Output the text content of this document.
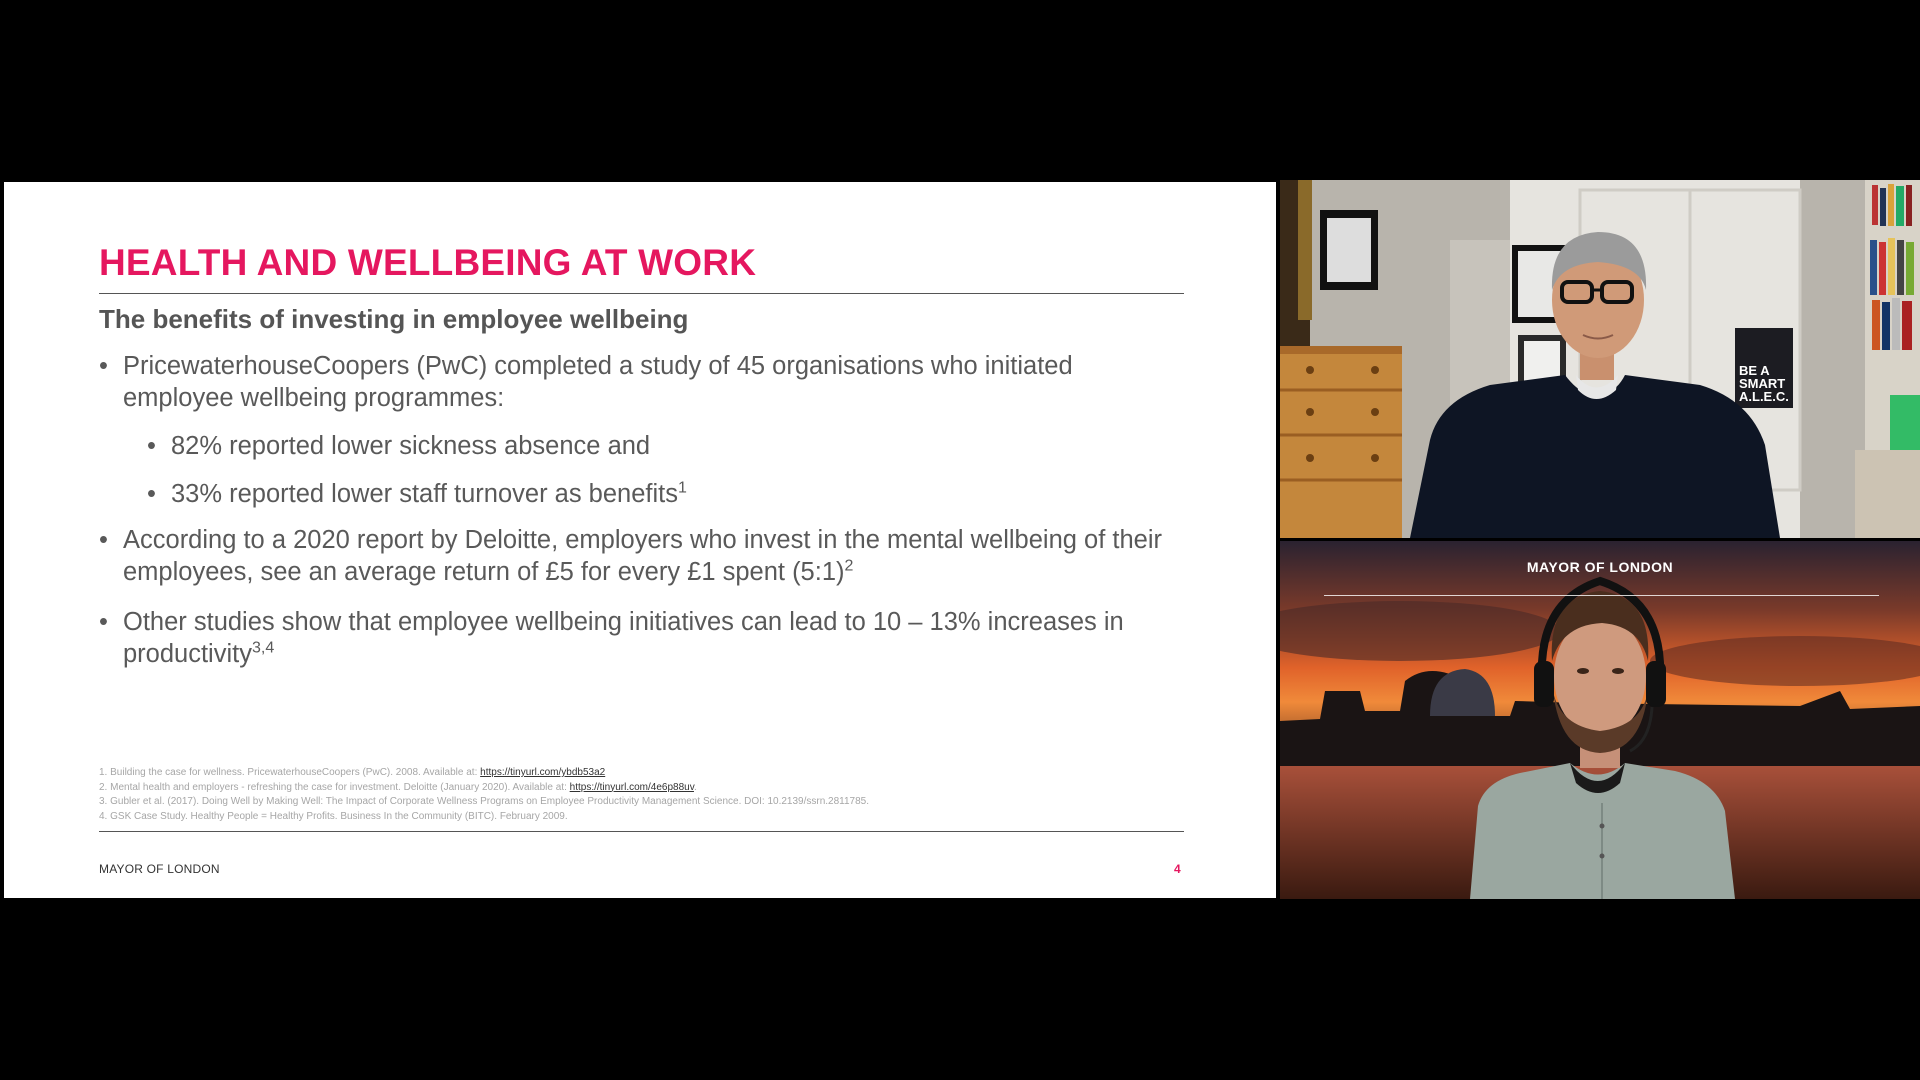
HEALTH AND WELLBEING AT WORK
The benefits of investing in employee wellbeing
• PricewaterhouseCoopers (PwC) completed a study of 45 organisations who initiated employee wellbeing programmes:
• 82% reported lower sickness absence and
• 33% reported lower staff turnover as benefits$^1$
• According to a 2020 report by Deloitte, employers who invest in the mental wellbeing of their employees, see an average return of £5 for every £1 spent (5:1)$^2$
• Other studies show that employee wellbeing initiatives can lead to 10 – 13% increases in productivity$^{3,4}$
1. Building the case for wellness. PricewaterhouseCoopers (PwC). 2008. Available at: https://tinyurl.com/ybdb53a2
2. Mental health and employers - refreshing the case for investment. Deloitte (January 2020). Available at: https://tinyurl.com/4e6p88uv.
3. Gubler et al. (2017). Doing Well by Making Well: The Impact of Corporate Wellness Programs on Employee Productivity Management Science. DOI: 10.2139/ssrn.2811785.
4. GSK Case Study. Healthy People = Healthy Profits. Business In the Community (BITC). February 2009.
MAYOR OF LONDON	4
BE A
SMART
A.L.E.C.
MAYOR OF LONDON
